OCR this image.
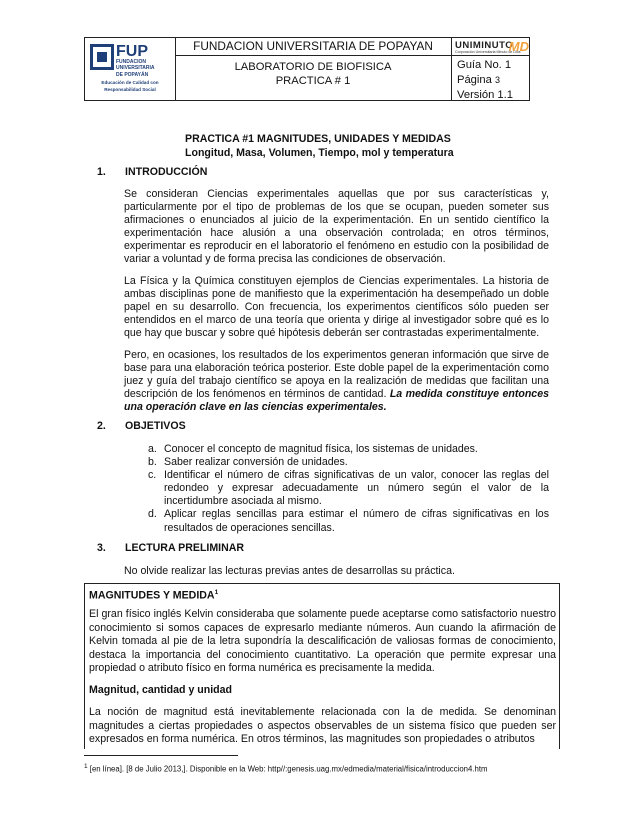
FUP
FUNDACION
UNIVERSITARIA
DE POPAYÁN
Educación de Calidad con
Responsabilidad Social
FUNDACION UNIVERSITARIA DE POPAYAN
LABORATORIO DE BIOFISICA
PRACTICA # 1
UNIMINUTO
Corporación Universitaria Minuto de Dios
MD
Guía No. 1
Página 3
Versión 1.1
PRACTICA #1 MAGNITUDES, UNIDADES Y MEDIDAS
Longitud, Masa, Volumen, Tiempo, mol y temperatura
1. INTRODUCCIÓN

Se consideran Ciencias experimentales aquellas que por sus características y, particularmente por el tipo de problemas de los que se ocupan, pueden someter sus afirmaciones o enunciados al juicio de la experimentación. En un sentido científico la experimentación hace alusión a una observación controlada; en otros términos, experimentar es reproducir en el laboratorio el fenómeno en estudio con la posibilidad de variar a voluntad y de forma precisa las condiciones de observación.

La Física y la Química constituyen ejemplos de Ciencias experimentales. La historia de ambas disciplinas pone de manifiesto que la experimentación ha desempeñado un doble papel en su desarrollo. Con frecuencia, los experimentos científicos sólo pueden ser entendidos en el marco de una teoría que orienta y dirige al investigador sobre qué es lo que hay que buscar y sobre qué hipótesis deberán ser contrastadas experimentalmente.

Pero, en ocasiones, los resultados de los experimentos generan información que sirve de base para una elaboración teórica posterior. Este doble papel de la experimentación como juez y guía del trabajo científico se apoya en la realización de medidas que facilitan una descripción de los fenómenos en términos de cantidad. La medida constituye entonces una operación clave en las ciencias experimentales.

2. OBJETIVOS
a. Conocer el concepto de magnitud física, los sistemas de unidades.
b. Saber realizar conversión de unidades.
c. Identificar el número de cifras significativas de un valor, conocer las reglas del redondeo y expresar adecuadamente un número según el valor de la incertidumbre asociada al mismo.
d. Aplicar reglas sencillas para estimar el número de cifras significativas en los resultados de operaciones sencillas.
3. LECTURA PRELIMINAR

No olvide realizar las lecturas previas antes de desarrollas su práctica.

MAGNITUDES Y MEDIDA$^1$
El gran físico inglés Kelvin consideraba que solamente puede aceptarse como satisfactorio nuestro conocimiento si somos capaces de expresarlo mediante números. Aun cuando la afirmación de Kelvin tomada al pie de la letra supondría la descalificación de valiosas formas de conocimiento, destaca la importancia del conocimiento cuantitativo. La operación que permite expresar una propiedad o atributo físico en forma numérica es precisamente la medida.
Magnitud, cantidad y unidad
La noción de magnitud está inevitablemente relacionada con la de medida. Se denominan magnitudes a ciertas propiedades o aspectos observables de un sistema físico que pueden ser expresados en forma numérica. En otros términos, las magnitudes son propiedades o atributos
$^1$ [en línea]. [8 de Julio 2013,]. Disponible en la Web: http//:genesis.uag.mx/edmedia/material/fisica/introduccion4.htm
